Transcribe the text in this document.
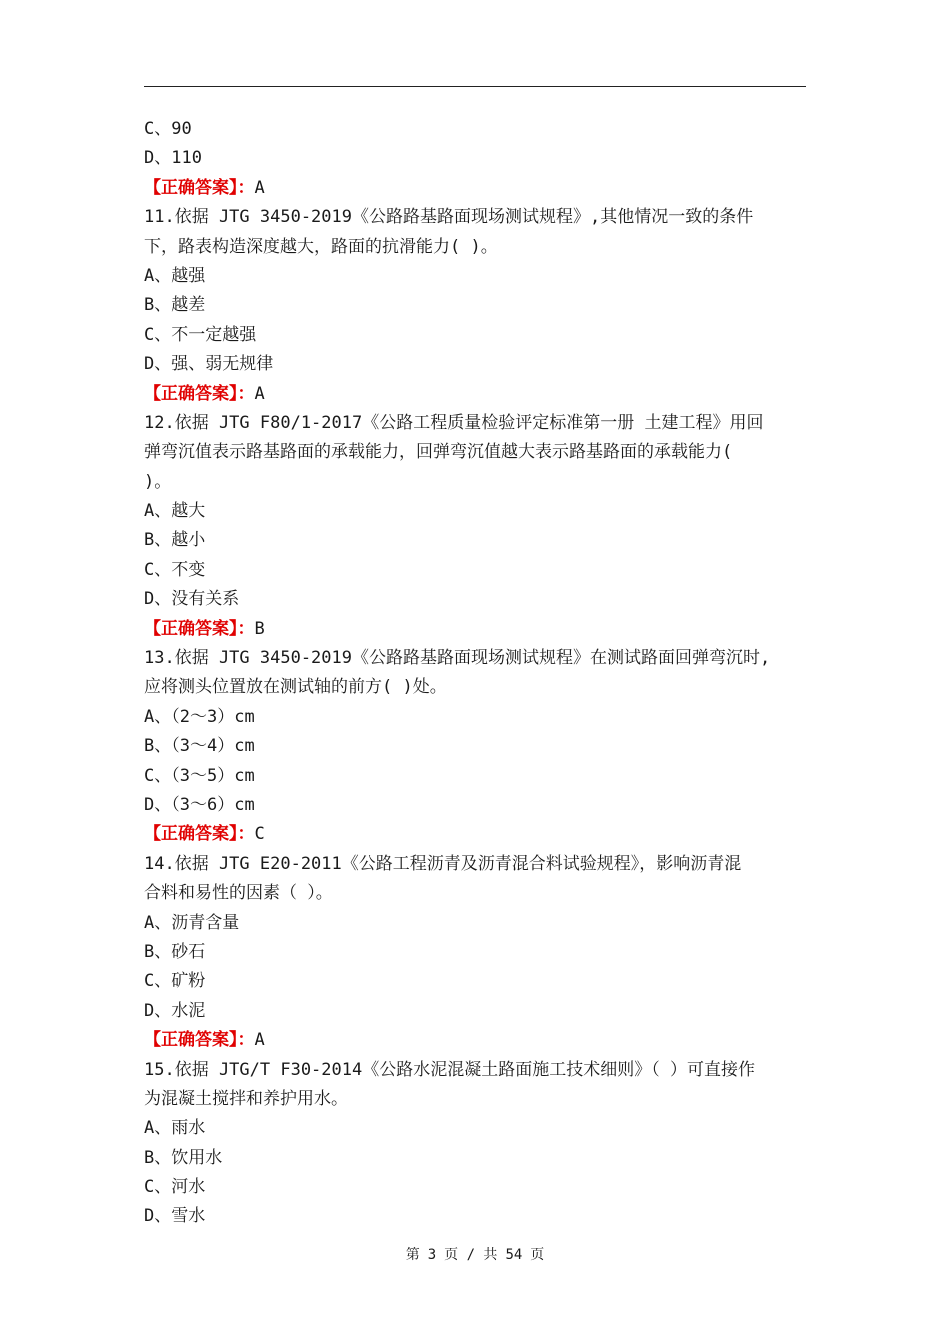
C、90
D、110
【正确答案】：A
11.依据 JTG 3450-2019《公路路基路面现场测试规程》,其他情况一致的条件
下，路表构造深度越大，路面的抗滑能力( )。
A、越强
B、越差
C、不一定越强
D、强、弱无规律
【正确答案】：A
12.依据 JTG F80/1-2017《公路工程质量检验评定标准第一册 土建工程》用回
弹弯沉值表示路基路面的承载能力，回弹弯沉值越大表示路基路面的承载能力(
)。
A、越大
B、越小
C、不变
D、没有关系
【正确答案】：B
13.依据 JTG 3450-2019《公路路基路面现场测试规程》在测试路面回弹弯沉时,
应将测头位置放在测试轴的前方( )处。
A、（2～3）cm
B、（3～4）cm
C、（3～5）cm
D、（3～6）cm
【正确答案】：C
14.依据 JTG E20-2011《公路工程沥青及沥青混合料试验规程》，影响沥青混
合料和易性的因素（ ）。
A、沥青含量
B、砂石
C、矿粉
D、水泥
【正确答案】：A
15.依据 JTG/T F30-2014《公路水泥混凝土路面施工技术细则》（ ）可直接作
为混凝土搅拌和养护用水。
A、雨水
B、饮用水
C、河水
D、雪水
第 3 页 / 共 54 页
